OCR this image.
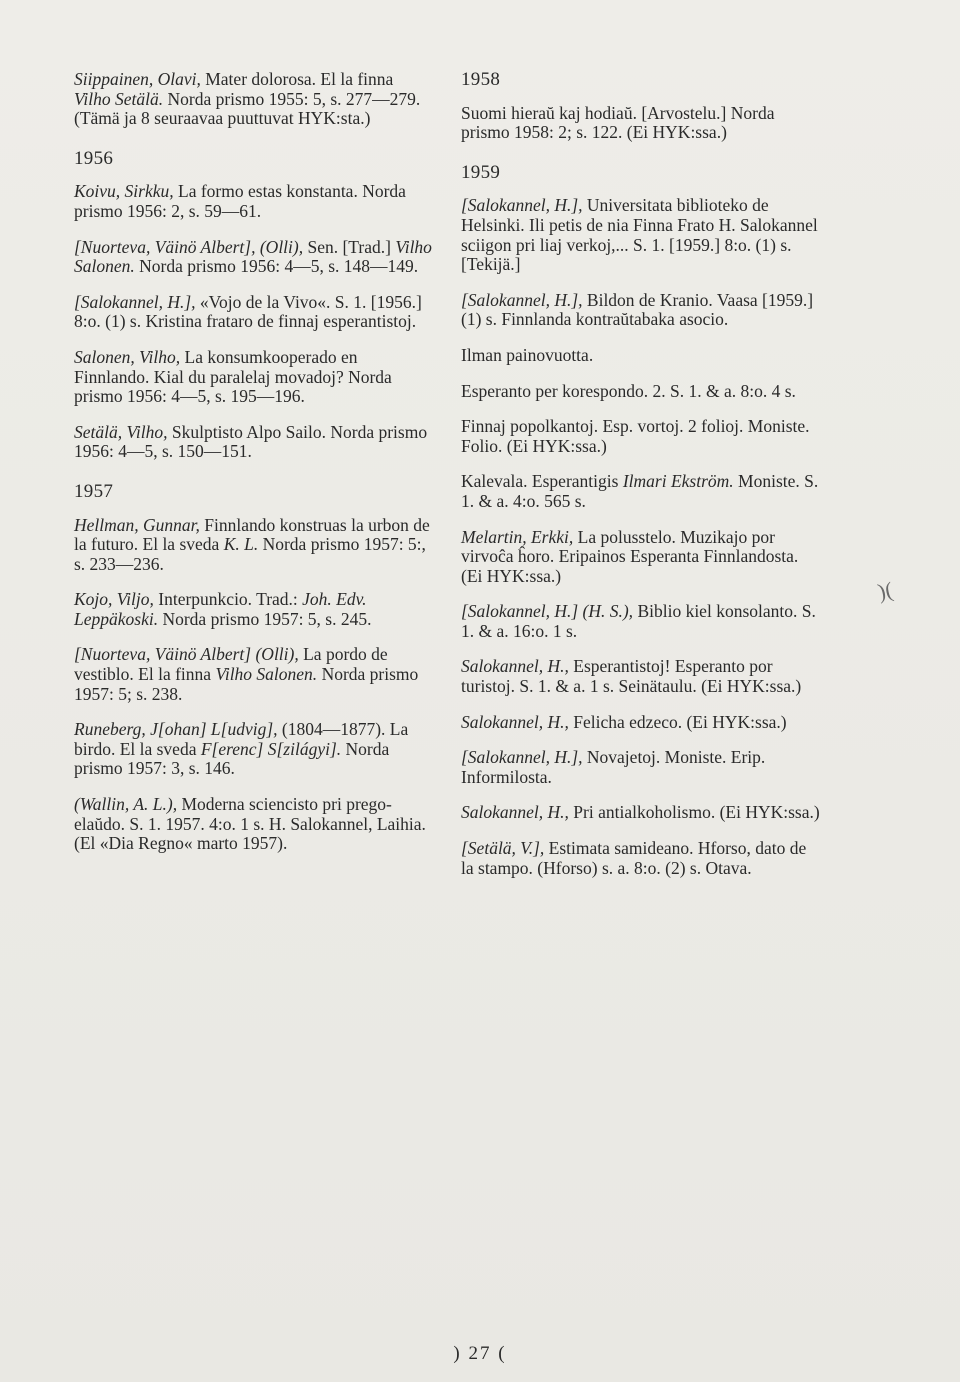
Siippainen, Olavi, Mater dolorosa. El la finna Vilho Setälä. Norda prismo 1955: 5, s. 277—279. (Tämä ja 8 seuraavaa puuttuvat HYK:sta.)
1956
Koivu, Sirkku, La formo estas konstanta. Norda prismo 1956: 2, s. 59—61.
[Nuorteva, Väinö Albert], (Olli), Sen. [Trad.] Vilho Salonen. Norda prismo 1956: 4—5, s. 148—149.
[Salokannel, H.], «Vojo de la Vivo«. S. 1. [1956.] 8:o. (1) s. Kristina frataro de finnaj esperantistoj.
Salonen, Vilho, La konsumkooperado en Finnlando. Kial du paralelaj movadoj? Norda prismo 1956: 4—5, s. 195—196.
Setälä, Vilho, Skulptisto Alpo Sailo. Norda prismo 1956: 4—5, s. 150—151.
1957
Hellman, Gunnar, Finnlando konstruas la urbon de la futuro. El la sveda K. L. Norda prismo 1957: 5:, s. 233—236.
Kojo, Viljo, Interpunkcio. Trad.: Joh. Edv. Leppäkoski. Norda prismo 1957: 5, s. 245.
[Nuorteva, Väinö Albert] (Olli), La pordo de vestiblo. El la finna Vilho Salonen. Norda prismo 1957: 5; s. 238.
Runeberg, J[ohan] L[udvig], (1804—1877). La birdo. El la sveda F[erenc] S[zilágyi]. Norda prismo 1957: 3, s. 146.
(Wallin, A. L.), Moderna sciencisto pri prego-elaŭdo. S. 1. 1957. 4:o. 1 s. H. Salokannel, Laihia. (El «Dia Regno« marto 1957).
1958
Suomi hieraŭ kaj hodiaŭ. [Arvostelu.] Norda prismo 1958: 2; s. 122. (Ei HYK:ssa.)
1959
[Salokannel, H.], Universitata biblioteko de Helsinki. Ili petis de nia Finna Frato H. Salokannel sciigon pri liaj verkoj,... S. 1. [1959.] 8:o. (1) s. [Tekijä.]
[Salokannel, H.], Bildon de Kranio. Vaasa [1959.] (1) s. Finnlanda kontraŭtabaka asocio.
Ilman painovuotta.
Esperanto per korespondo. 2. S. 1. & a. 8:o. 4 s.
Finnaj popolkantoj. Esp. vortoj. 2 folioj. Moniste. Folio. (Ei HYK:ssa.)
Kalevala. Esperantigis Ilmari Ekström. Moniste. S. 1. & a. 4:o. 565 s.
Melartin, Erkki, La polusstelo. Muzikajo por virvoĉa ĥoro. Eripainos Esperanta Finnlandosta. (Ei HYK:ssa.)
[Salokannel, H.] (H. S.), Biblio kiel konsolanto. S. 1. & a. 16:o. 1 s.
Salokannel, H., Esperantistoj! Esperanto por turistoj. S. 1. & a. 1 s. Seinätaulu. (Ei HYK:ssa.)
Salokannel, H., Felicha edzeco. (Ei HYK:ssa.)
[Salokannel, H.], Novajetoj. Moniste. Erip. Informilosta.
Salokannel, H., Pri antialkoholismo. (Ei HYK:ssa.)
[Setälä, V.], Estimata samideano. Hforso, dato de la stampo. (Hforso) s. a. 8:o. (2) s. Otava.
) 27 (
)(
